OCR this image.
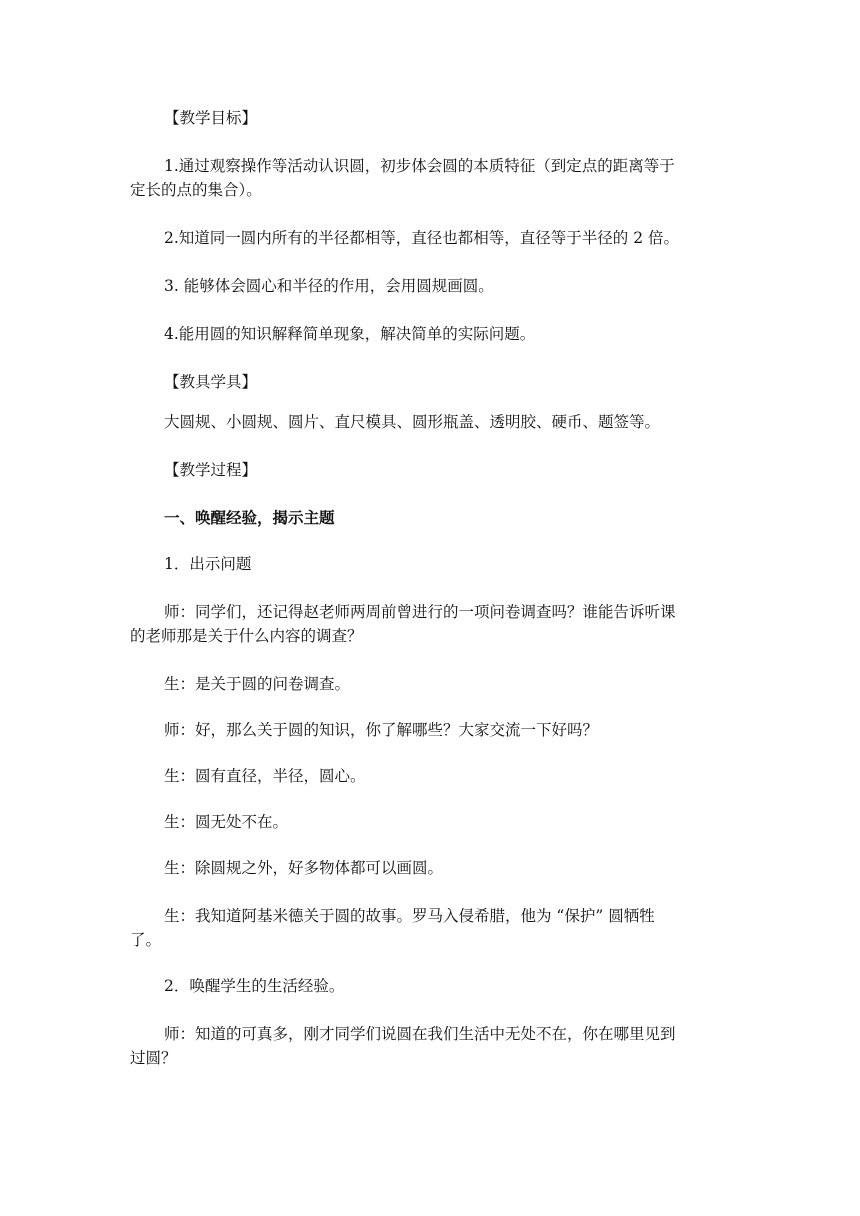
【教学目标】

1.通过观察操作等活动认识圆，初步体会圆的本质特征（到定点的距离等于

定长的点的集合）。

2.知道同一圆内所有的半径都相等，直径也都相等，直径等于半径的 2 倍。

3. 能够体会圆心和半径的作用，会用圆规画圆。

4.能用圆的知识解释简单现象，解决简单的实际问题。

【教具学具】

大圆规、小圆规、圆片、直尺模具、圆形瓶盖、透明胶、硬币、题签等。

【教学过程】

一、唤醒经验，揭示主题

1．出示问题

师：同学们，还记得赵老师两周前曾进行的一项问卷调查吗？谁能告诉听课

的老师那是关于什么内容的调查？

生：是关于圆的问卷调查。

师：好，那么关于圆的知识，你了解哪些？大家交流一下好吗？

生：圆有直径，半径，圆心。

生：圆无处不在。

生：除圆规之外，好多物体都可以画圆。

生：我知道阿基米德关于圆的故事。罗马入侵希腊，他为 “保护” 圆牺牲

了。

2．唤醒学生的生活经验。

师：知道的可真多，刚才同学们说圆在我们生活中无处不在，你在哪里见到

过圆？
